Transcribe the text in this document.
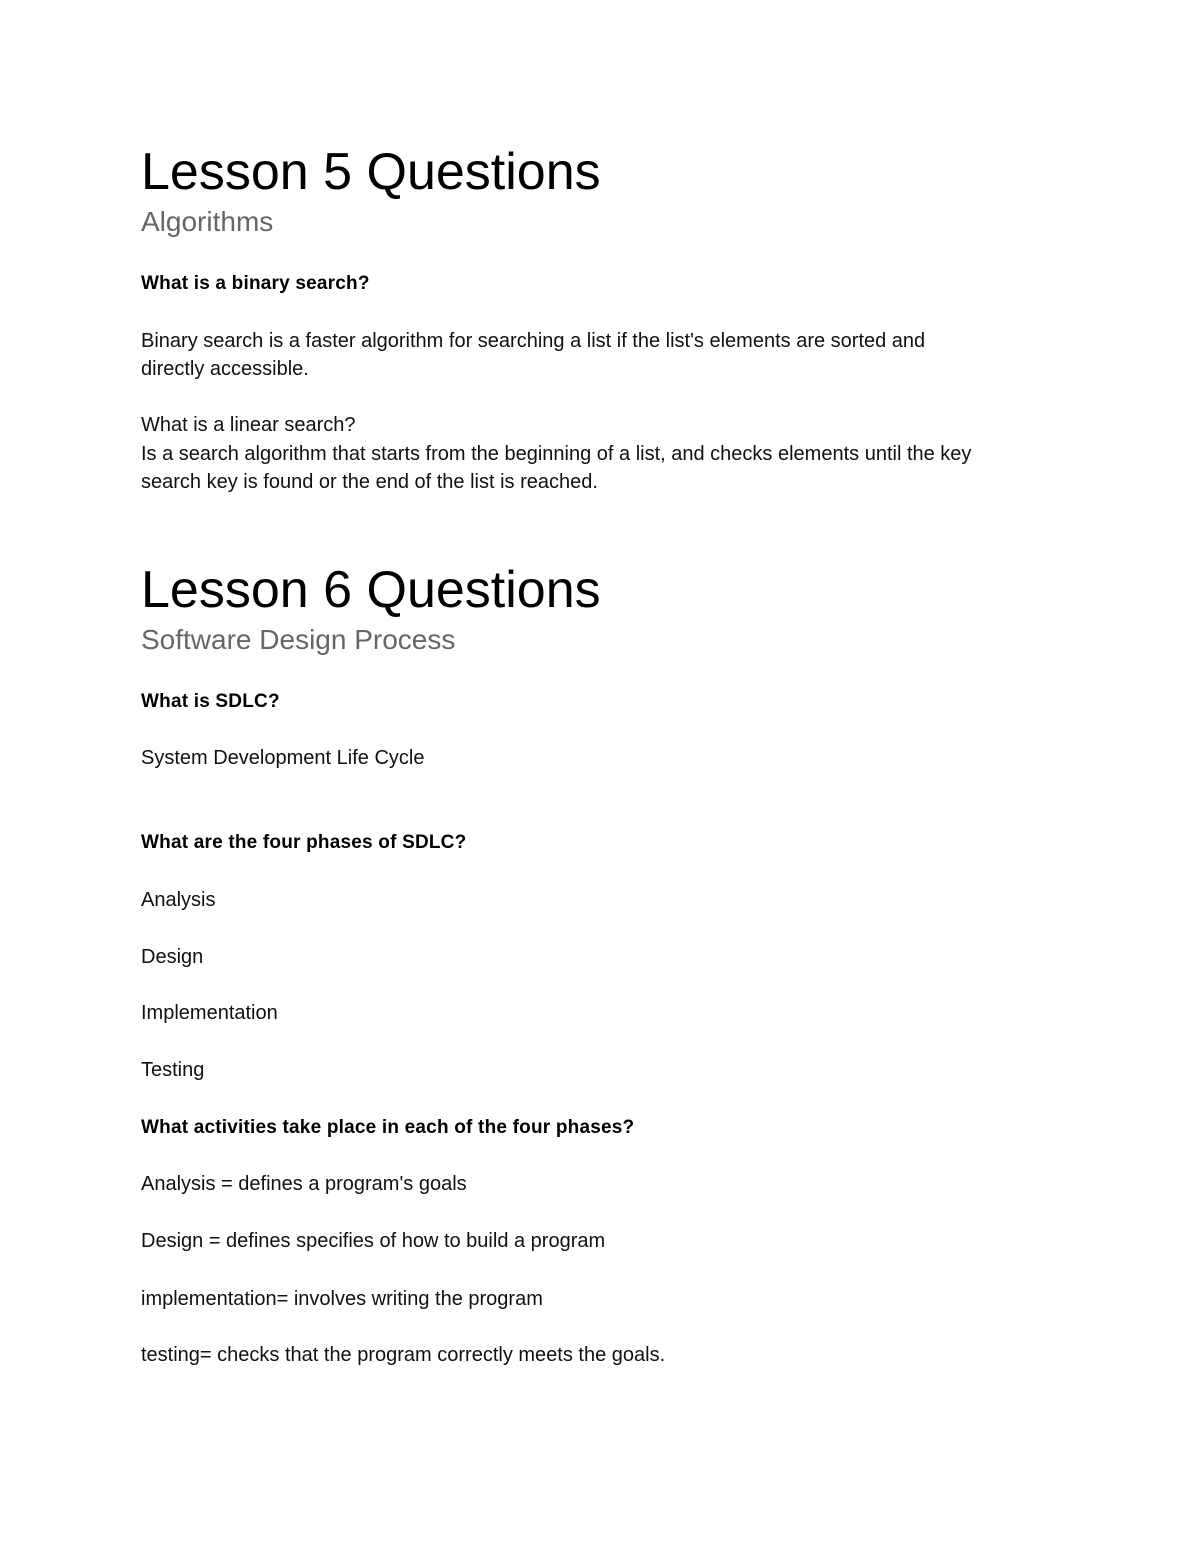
Lesson 5 Questions
Algorithms

What is a binary search?

Binary search is a faster algorithm for searching a list if the list's elements are sorted and

directly accessible.

What is a linear search?

Is a search algorithm that starts from the beginning of a list, and checks elements until the key

search key is found or the end of the list is reached.

Lesson 6 Questions
Software Design Process

What is SDLC?

System Development Life Cycle

What are the four phases of SDLC?

Analysis

Design

Implementation

Testing

What activities take place in each of the four phases?

Analysis = defines a program's goals

Design = defines specifies of how to build a program

implementation= involves writing the program

testing= checks that the program correctly meets the goals.
